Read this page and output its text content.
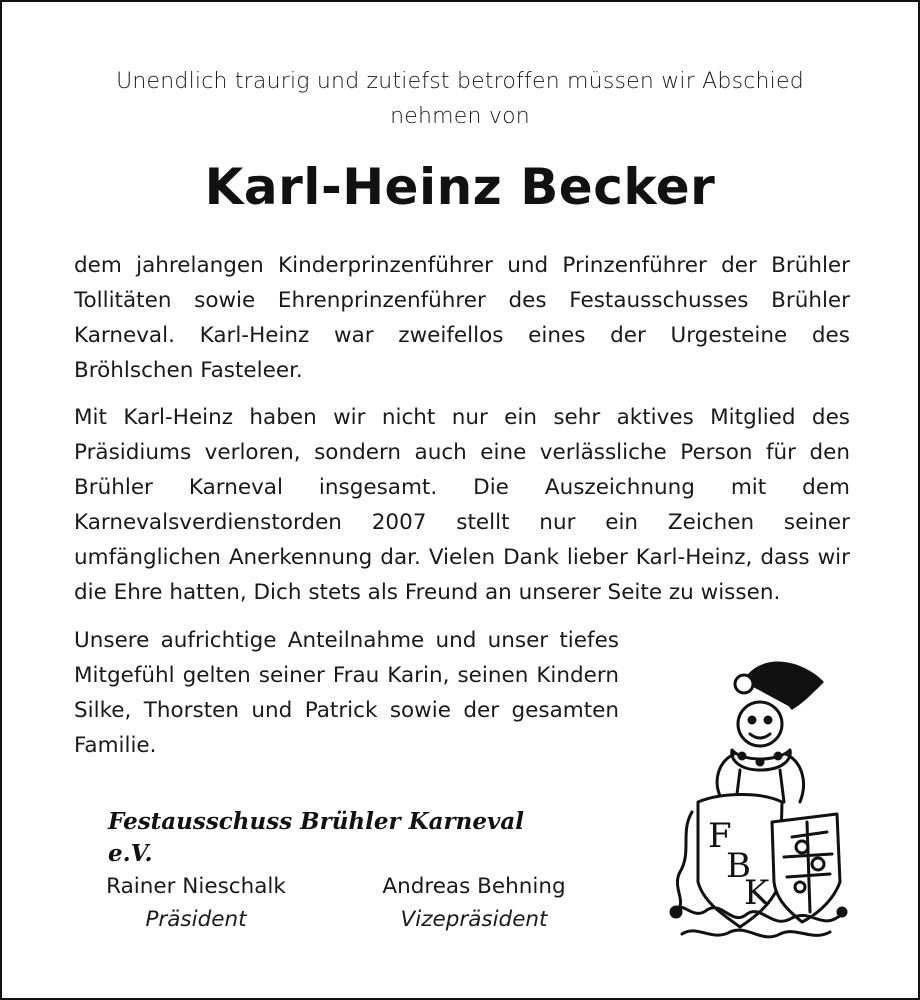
Unendlich traurig und zutiefst betroffen müssen wir Abschied
nehmen von
Karl-Heinz Becker

dem jahrelangen Kinderprinzenführer und Prinzenführer der Brühler Tollitäten sowie Ehrenprinzenführer des Festausschusses Brühler Karneval. Karl-Heinz war zweifellos eines der Urgesteine des Bröhlschen Fasteleer.

Mit Karl-Heinz haben wir nicht nur ein sehr aktives Mitglied des Präsidiums verloren, sondern auch eine verlässliche Person für den Brühler Karneval insgesamt. Die Auszeichnung mit dem Karnevalsverdienstorden 2007 stellt nur ein Zeichen seiner umfänglichen Anerkennung dar. Vielen Dank lieber Karl-Heinz, dass wir die Ehre hatten, Dich stets als Freund an unserer Seite zu wissen.

Unsere aufrichtige Anteilnahme und unser tiefes Mitgefühl gelten seiner Frau Karin, seinen Kindern Silke, Thorsten und Patrick sowie der gesamten Familie.

Festausschuss Brühler Karneval e.V.
Rainer Nieschalk
Präsident
Andreas Behning
Vizepräsident
F
B
K
